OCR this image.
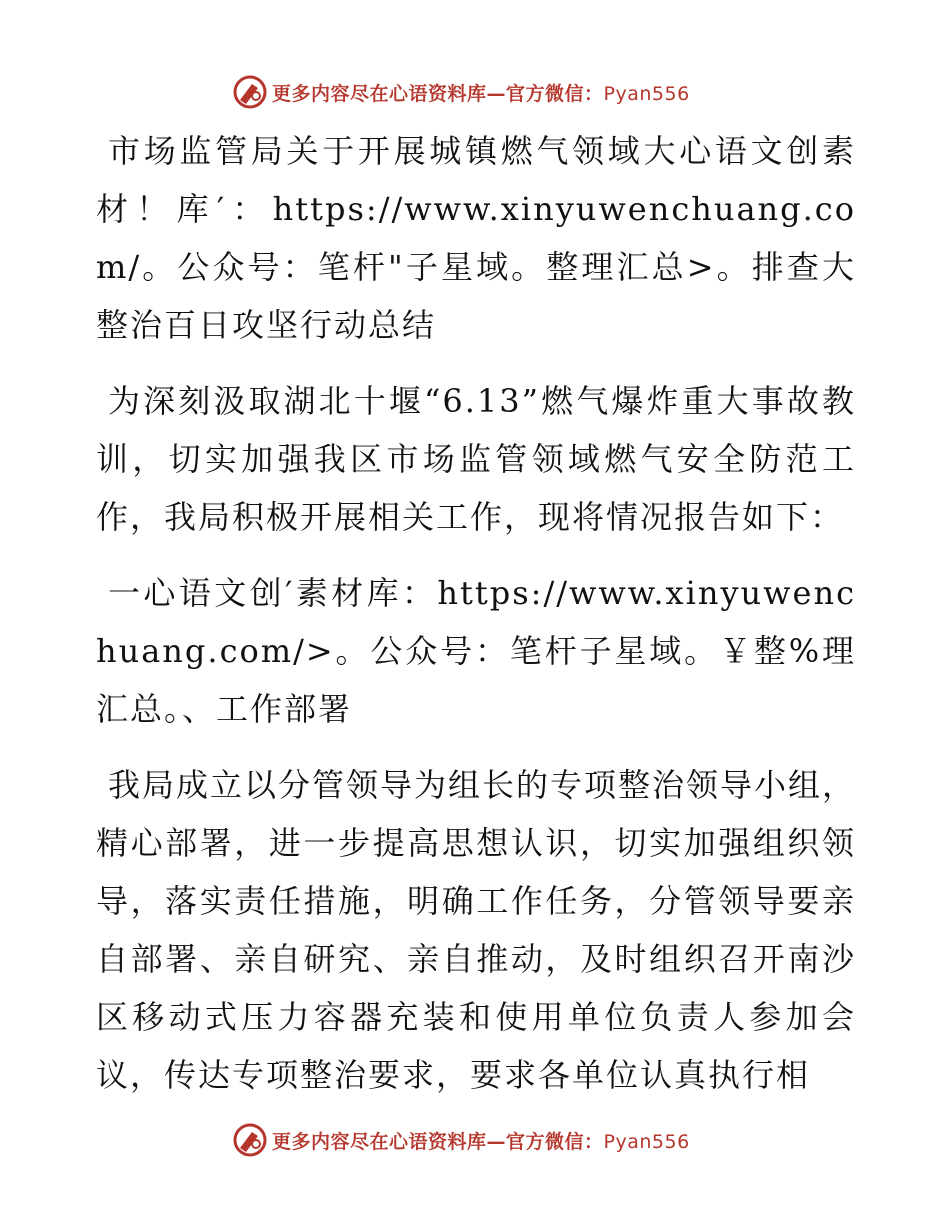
更多内容尽在心语资料库—官方微信：Pyan556

市场监管局关于开展城镇燃气领域大心语文创素材！库′：https://www.xinyuwenchuang.com/。公众号：笔杆"子星域。整理汇总>。排查大整治百日攻坚行动总结

为深刻汲取湖北十堰“6.13”燃气爆炸重大事故教训，切实加强我区市场监管领域燃气安全防范工作，我局积极开展相关工作，现将情况报告如下：

一心语文创′素材库：https://www.xinyuwenchuang.com/>。公众号：笔杆子星域。￥整%理汇总。、工作部署

我局成立以分管领导为组长的专项整治领导小组，精心部署，进一步提高思想认识，切实加强组织领导，落实责任措施，明确工作任务，分管领导要亲自部署、亲自研究、亲自推动，及时组织召开南沙区移动式压力容器充装和使用单位负责人参加会议，传达专项整治要求，要求各单位认真执行相

更多内容尽在心语资料库—官方微信：Pyan556
